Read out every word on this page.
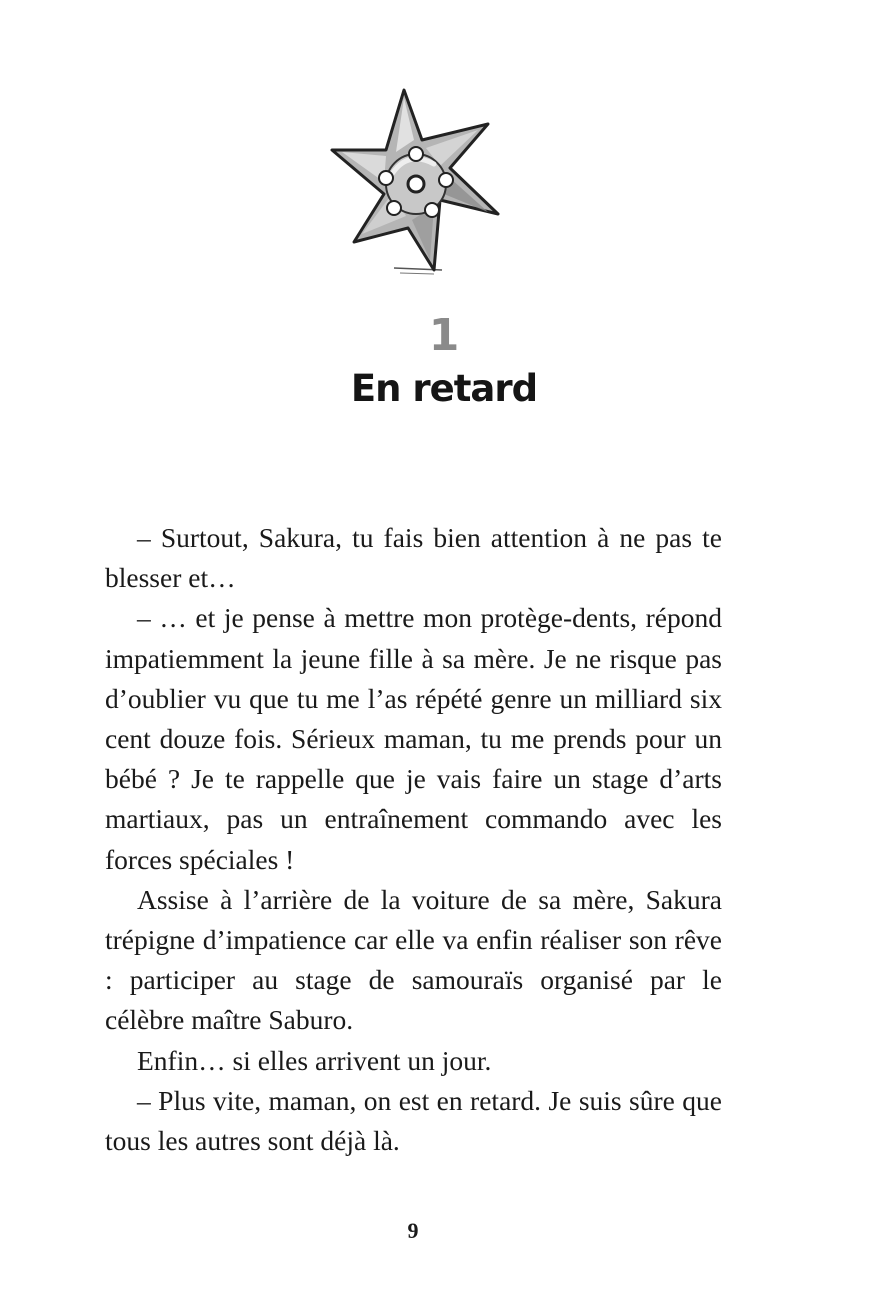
1
En retard

– Surtout, Sakura, tu fais bien attention à ne pas te blesser et…

– … et je pense à mettre mon protège-dents, répond impatiemment la jeune fille à sa mère. Je ne risque pas d’oublier vu que tu me l’as répété genre un milliard six cent douze fois. Sérieux maman, tu me prends pour un bébé ? Je te rappelle que je vais faire un stage d’arts martiaux, pas un entraînement commando avec les forces spéciales !

Assise à l’arrière de la voiture de sa mère, Sakura trépigne d’impatience car elle va enfin réaliser son rêve : participer au stage de samouraïs organisé par le célèbre maître Saburo.

Enfin… si elles arrivent un jour.

– Plus vite, maman, on est en retard. Je suis sûre que tous les autres sont déjà là.

9
